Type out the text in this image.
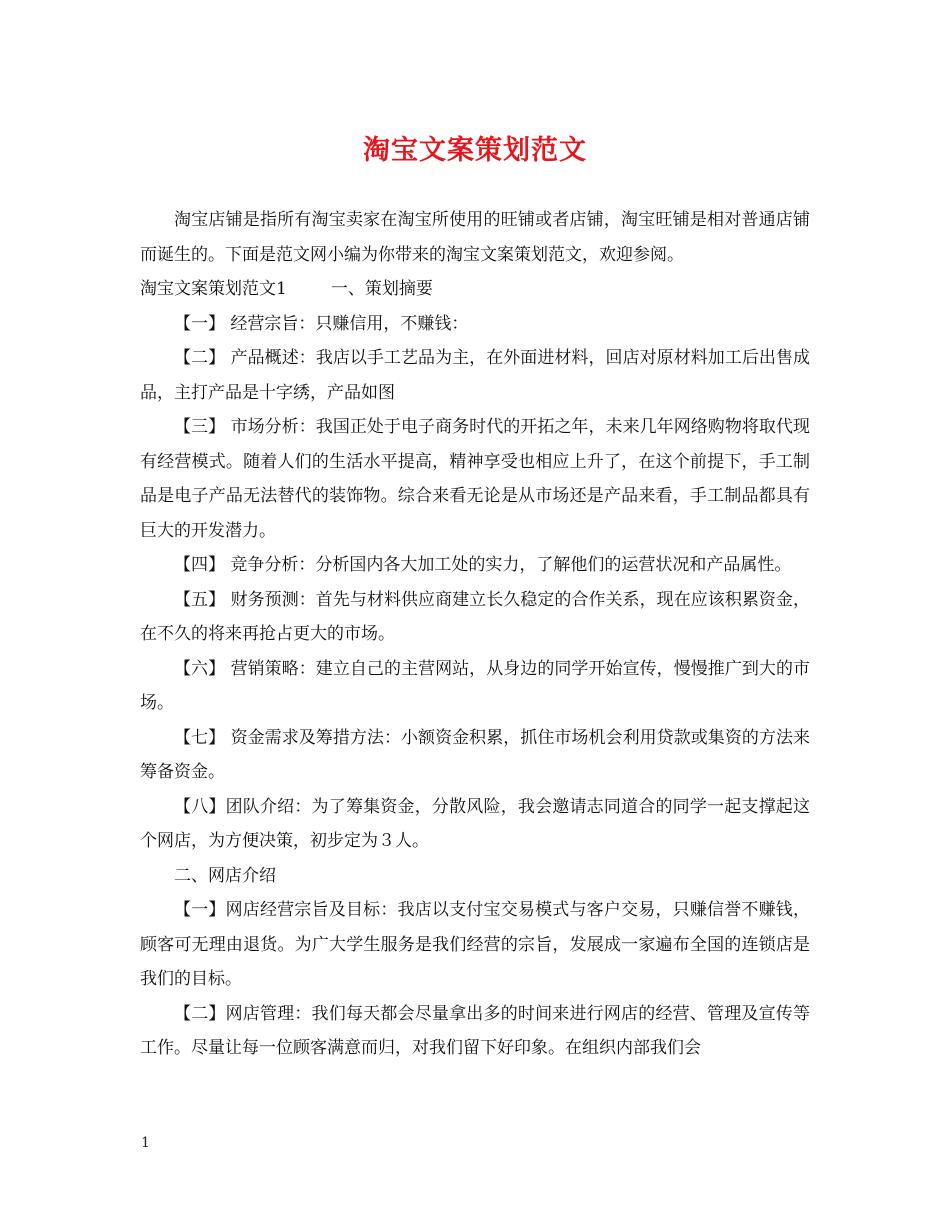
淘宝文案策划范文

淘宝店铺是指所有淘宝卖家在淘宝所使用的旺铺或者店铺，淘宝旺铺是相对普通店铺而诞生的。下面是范文网小编为你带来的淘宝文案策划范文，欢迎参阅。

淘宝文案策划范文1	一、策划摘要

【一】 经营宗旨：只赚信用，不赚钱：

【二】 产品概述：我店以手工艺品为主，在外面进材料，回店对原材料加工后出售成品，主打产品是十字绣，产品如图

【三】 市场分析：我国正处于电子商务时代的开拓之年，未来几年网络购物将取代现有经营模式。随着人们的生活水平提高，精神享受也相应上升了，在这个前提下，手工制品是电子产品无法替代的装饰物。综合来看无论是从市场还是产品来看，手工制品都具有巨大的开发潜力。

【四】 竞争分析：分析国内各大加工处的实力，了解他们的运营状况和产品属性。

【五】 财务预测：首先与材料供应商建立长久稳定的合作关系，现在应该积累资金，在不久的将来再抢占更大的市场。

【六】 营销策略：建立自己的主营网站，从身边的同学开始宣传，慢慢推广到大的市场。

【七】 资金需求及筹措方法：小额资金积累，抓住市场机会利用贷款或集资的方法来筹备资金。

【八】团队介绍：为了筹集资金，分散风险，我会邀请志同道合的同学一起支撑起这个网店，为方便决策，初步定为３人。

二、网店介绍

【一】网店经营宗旨及目标：我店以支付宝交易模式与客户交易，只赚信誉不赚钱，顾客可无理由退货。为广大学生服务是我们经营的宗旨，发展成一家遍布全国的连锁店是我们的目标。

【二】网店管理：我们每天都会尽量拿出多的时间来进行网店的经营、管理及宣传等工作。尽量让每一位顾客满意而归，对我们留下好印象。在组织内部我们会

1
